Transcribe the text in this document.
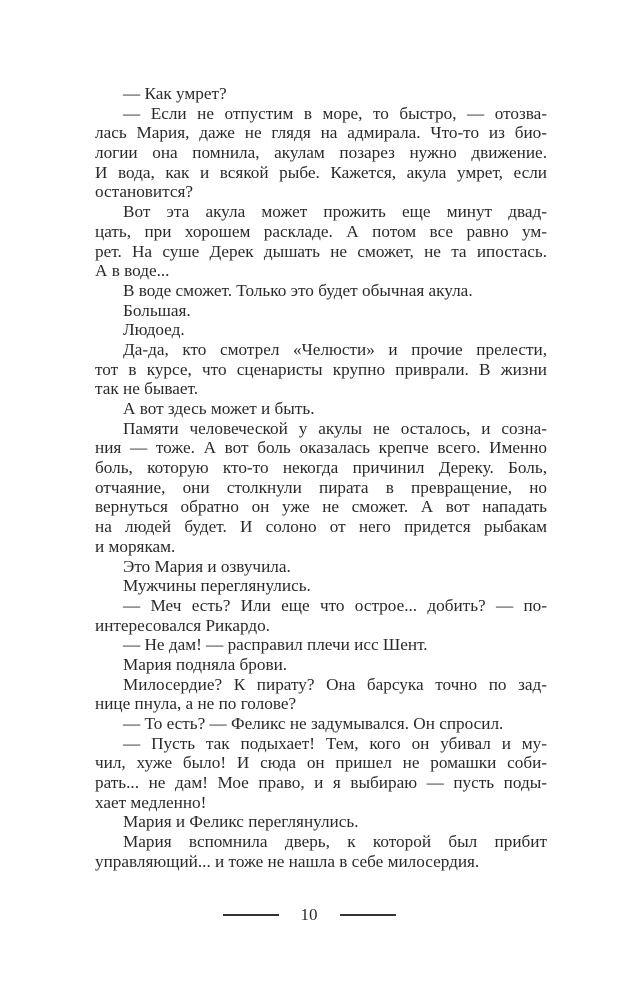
— Как умрет?
— Если не отпустим в море, то быстро, — отозва-
лась Мария, даже не глядя на адмирала. Что-то из био-
логии она помнила, акулам позарез нужно движение.
И вода, как и всякой рыбе. Кажется, акула умрет, если
остановится?
Вот эта акула может прожить еще минут двад-
цать, при хорошем раскладе. А потом все равно ум-
рет. На суше Дерек дышать не сможет, не та ипостась.
А в воде...
В воде сможет. Только это будет обычная акула.
Большая.
Людоед.
Да-да, кто смотрел «Челюсти» и прочие прелести,
тот в курсе, что сценаристы крупно приврали. В жизни
так не бывает.
А вот здесь может и быть.
Памяти человеческой у акулы не осталось, и созна-
ния — тоже. А вот боль оказалась крепче всего. Именно
боль, которую кто-то некогда причинил Дереку. Боль,
отчаяние, они столкнули пирата в превращение, но
вернуться обратно он уже не сможет. А вот нападать
на людей будет. И солоно от него придется рыбакам
и морякам.
Это Мария и озвучила.
Мужчины переглянулись.
— Меч есть? Или еще что острое... добить? — по-
интересовался Рикардо.
— Не дам! — расправил плечи исс Шент.
Мария подняла брови.
Милосердие? К пирату? Она барсука точно по зад-
нице пнула, а не по голове?
— То есть? — Феликс не задумывался. Он спросил.
— Пусть так подыхает! Тем, кого он убивал и му-
чил, хуже было! И сюда он пришел не ромашки соби-
рать... не дам! Мое право, и я выбираю — пусть поды-
хает медленно!
Мария и Феликс переглянулись.
Мария вспомнила дверь, к которой был прибит
управляющий... и тоже не нашла в себе милосердия.
10
